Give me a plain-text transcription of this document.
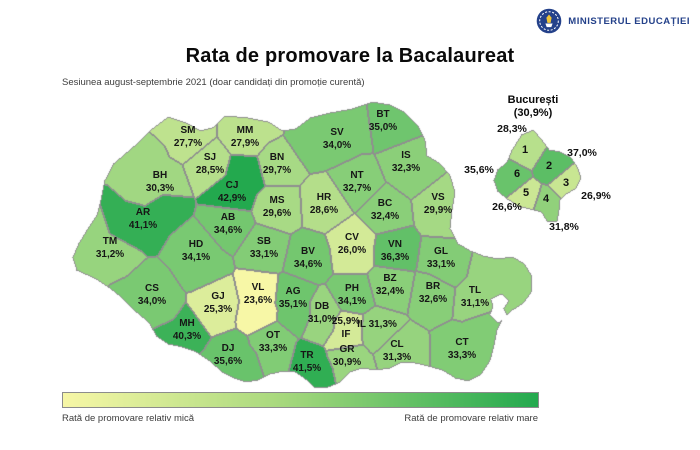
Rata de promovare la Bacalaureat
Sesiunea august-septembrie 2021 (doar candidați din promoție curentă)
MINISTERUL EDUCAȚIEI
București
(30,9%)
SM
27,7%
MM
27,9%
BT
35,0%
SV
34,0%
BN
29,7%
IS
32,3%
SJ
28,5%
BH
30,3%	CJ
42,9%
NT
32,7%
MS
29,6%
HR
28,6%
BC
32,4%
VS
29,9%
AR
41,1%
AB
34,6%
TM
31,2%
HD
34,1%
SB
33,1%	BV
34,6%
CV
26,0%
VN
36,3%
GL
33,1%
CS
34,0%	GJ
25,3%
VL
23,6%
AG
35,1% DB
31,0%
PH
34,1%
BZ
32,4%	BR
32,6%
TL
31,1%
MH
40,3%
DJ
35,6%
OT
33,3%
TR
41,5%
25,9%
IF
IL 31,3%
CL
31,3%
GR
30,9%
CT
33,3%
1
28,3%
2
37,0%
3
26,9%
4
31,8%
5
26,6%
6
35,6%
Rată de promovare relativ mică	Rată de promovare relativ mare
